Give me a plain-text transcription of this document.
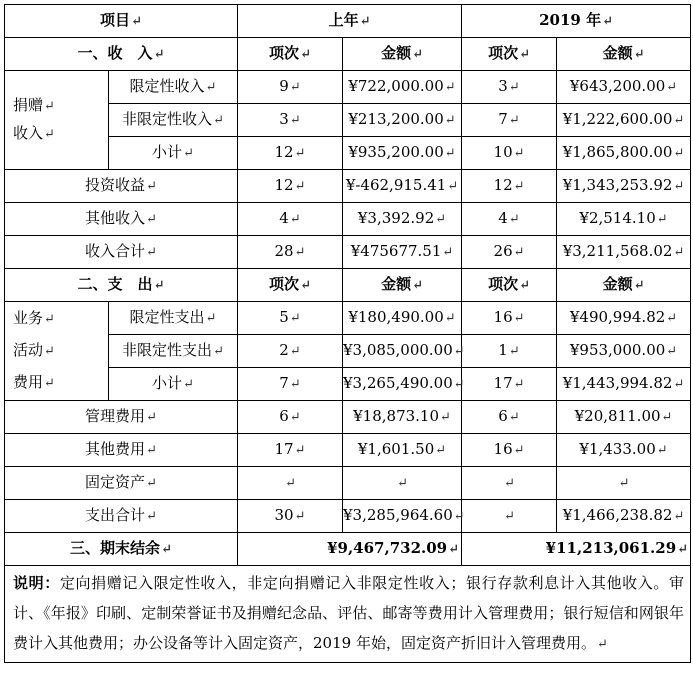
项目↵		上年↵		2019 年↵	
一、收　入↵		项次↵	金额↵	项次↵	金额↵

捐赠↵
收入↵	限定性收入↵	9↵	¥722,000.00↵	3↵	¥643,200.00↵
	非限定性收入↵	3↵	¥213,200.00↵	7↵	¥1,222,600.00↵
	小计↵	12↵	¥935,200.00↵	10↵	¥1,865,800.00↵
投资收益↵		12↵	¥-462,915.41↵	12↵	¥1,343,253.92↵
其他收入↵		4↵	¥3,392.92↵	4↵	¥2,514.10↵
收入合计↵		28↵	¥475677.51↵	26↵	¥3,211,568.02↵
二、支　出↵		项次↵	金额↵	项次↵	金额↵

业务↵
活动↵
费用↵	限定性支出↵	5↵	¥180,490.00↵	16↵	¥490,994.82↵
	非限定性支出↵	2↵	¥3,085,000.00↵	1↵	¥953,000.00↵
	小计↵	7↵	¥3,265,490.00↵	17↵	¥1,443,994.82↵
管理费用↵		6↵	¥18,873.10↵	6↵	¥20,811.00↵
其他费用↵		17↵	¥1,601.50↵	16↵	¥1,433.00↵
固定资产↵		↵	↵	↵	↵
支出合计↵		30↵	¥3,285,964.60↵	↵	¥1,466,238.82↵
三、期末结余↵		¥9,467,732.09↵		¥11,213,061.29↵	
说明：定向捐赠记入限定性收入，非定向捐赠记入非限定性收入；银行存款利息计入其他收入。审计、《年报》印刷、定制荣誉证书及捐赠纪念品、评估、邮寄等费用计入管理费用；银行短信和网银年费计入其他费用；办公设备等计入固定资产，2019 年始，固定资产折旧计入管理费用。↵					
